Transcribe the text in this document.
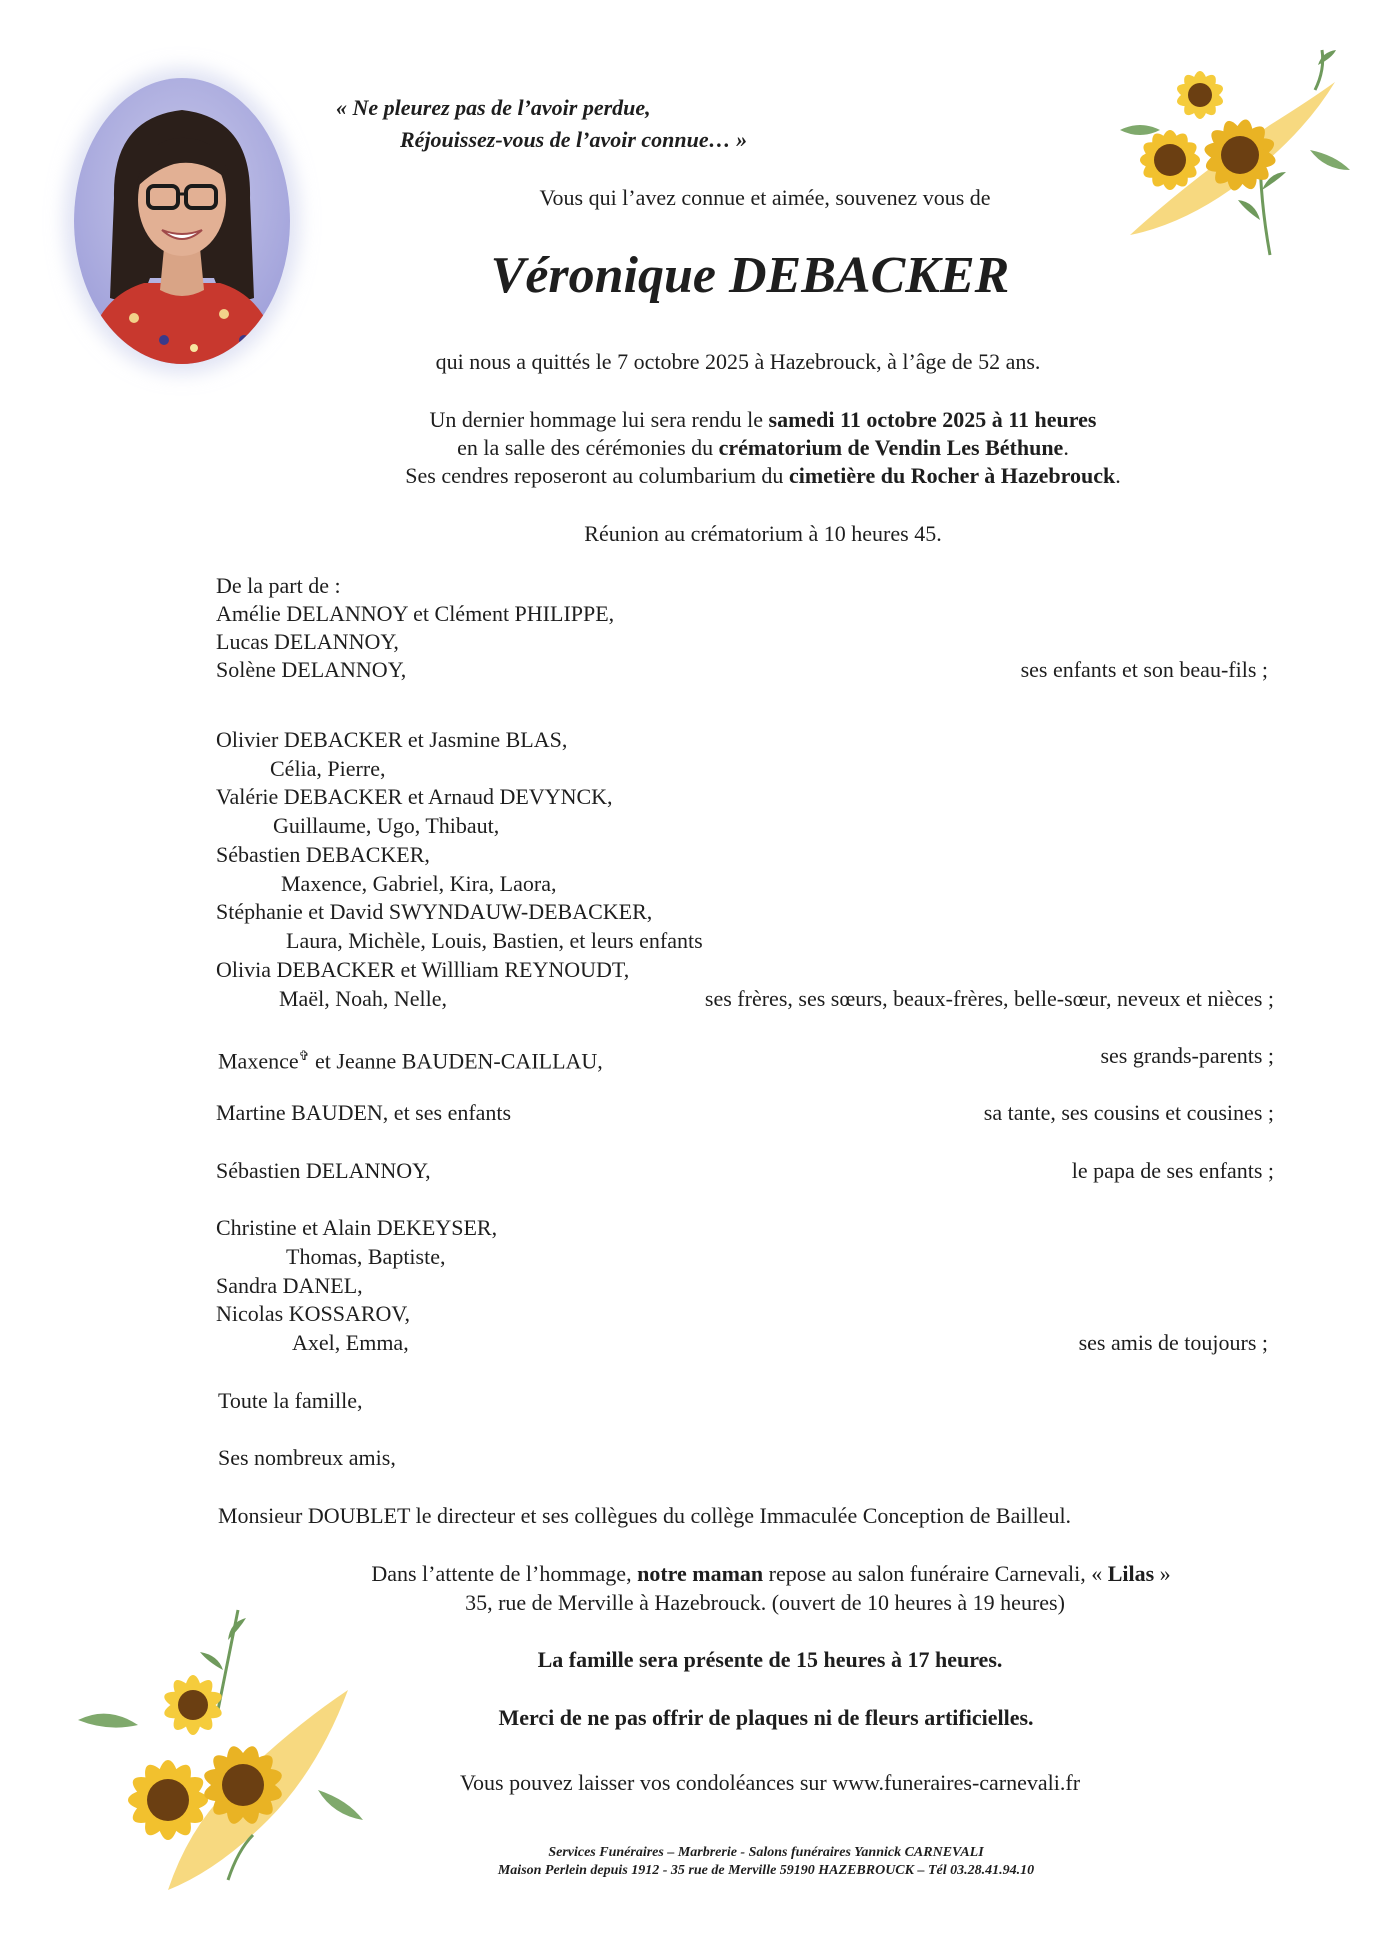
« Ne pleurez pas de l’avoir perdue,
Réjouissez-vous de l’avoir connue… »
Vous qui l’avez connue et aimée, souvenez vous de
Véronique DEBACKER
qui nous a quittés le 7 octobre 2025 à Hazebrouck, à l’âge de 52 ans.
Un dernier hommage lui sera rendu le samedi 11 octobre 2025 à 11 heures
en la salle des cérémonies du crématorium de Vendin Les Béthune.
Ses cendres reposeront au columbarium du cimetière du Rocher à Hazebrouck.
Réunion au crématorium à 10 heures 45.
De la part de :
Amélie DELANNOY et Clément PHILIPPE,
Lucas DELANNOY,
Solène DELANNOY,	ses enfants et son beau-fils ;
Olivier DEBACKER et Jasmine BLAS,
Célia, Pierre,
Valérie DEBACKER et Arnaud DEVYNCK,
Guillaume, Ugo, Thibaut,
Sébastien DEBACKER,
Maxence, Gabriel, Kira, Laora,
Stéphanie et David SWYNDAUW-DEBACKER,
Laura, Michèle, Louis, Bastien, et leurs enfants
Olivia DEBACKER et Willliam REYNOUDT,
Maël, Noah, Nelle,	ses frères, ses sœurs, beaux-frères, belle-sœur, neveux et nièces ;
Maxence✞ et Jeanne BAUDEN-CAILLAU,	ses grands-parents ;
Martine BAUDEN, et ses enfants	sa tante, ses cousins et cousines ;
Sébastien DELANNOY,	le papa de ses enfants ;
Christine et Alain DEKEYSER,
Thomas, Baptiste,
Sandra DANEL,
Nicolas KOSSAROV,
Axel, Emma,	ses amis de toujours ;
Toute la famille,
Ses nombreux amis,
Monsieur DOUBLET le directeur et ses collègues du collège Immaculée Conception de Bailleul.
Dans l’attente de l’hommage, notre maman repose au salon funéraire Carnevali, « Lilas »
35, rue de Merville à Hazebrouck. (ouvert de 10 heures à 19 heures)
La famille sera présente de 15 heures à 17 heures.
Merci de ne pas offrir de plaques ni de fleurs artificielles.
Vous pouvez laisser vos condoléances sur www.funeraires-carnevali.fr
Services Funéraires – Marbrerie - Salons funéraires Yannick CARNEVALI
Maison Perlein depuis 1912 - 35 rue de Merville 59190 HAZEBROUCK – Tél 03.28.41.94.10
